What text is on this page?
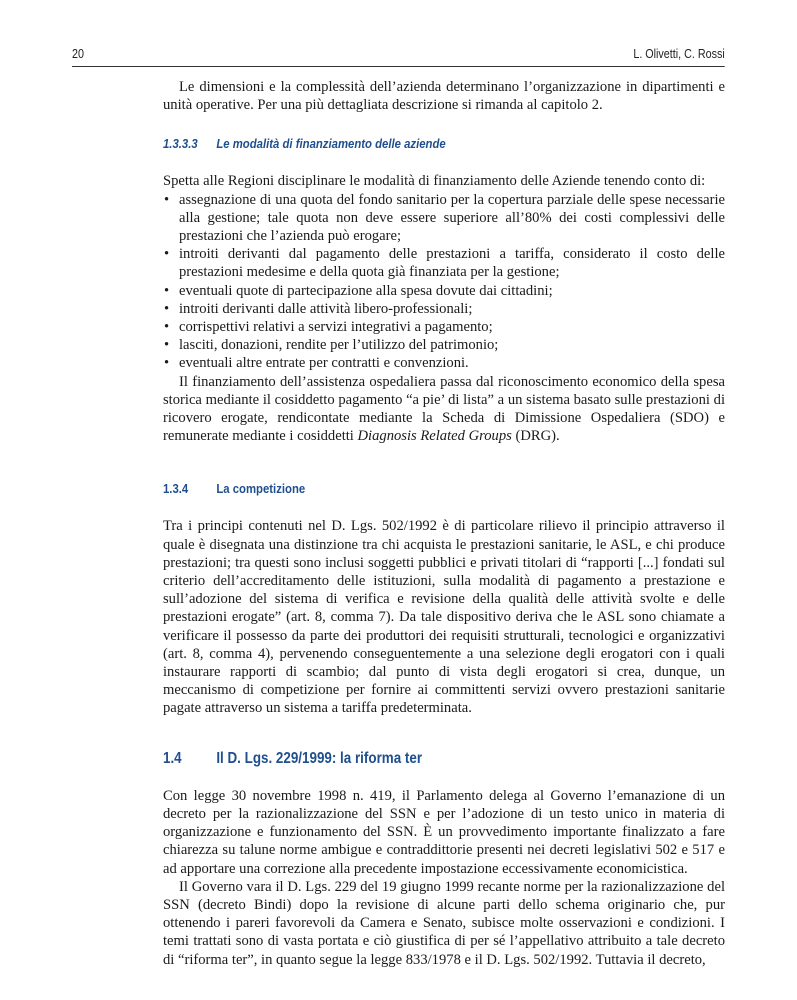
20	L. Olivetti, C. Rossi

Le dimensioni e la complessità dell’azienda determinano l’organizzazione in dipartimenti e unità operative. Per una più dettagliata descrizione si rimanda al capitolo 2.

1.3.3.3 Le modalità di finanziamento delle aziende

Spetta alle Regioni disciplinare le modalità di finanziamento delle Aziende tenendo conto di:

• assegnazione di una quota del fondo sanitario per la copertura parziale delle spese necessarie alla gestione; tale quota non deve essere superiore all’80% dei costi complessivi delle prestazioni che l’azienda può erogare;
• introiti derivanti dal pagamento delle prestazioni a tariffa, considerato il costo delle prestazioni medesime e della quota già finanziata per la gestione;
• eventuali quote di partecipazione alla spesa dovute dai cittadini;
• introiti derivanti dalle attività libero-professionali;
• corrispettivi relativi a servizi integrativi a pagamento;
• lasciti, donazioni, rendite per l’utilizzo del patrimonio;
• eventuali altre entrate per contratti e convenzioni.

Il finanziamento dell’assistenza ospedaliera passa dal riconoscimento economico della spesa storica mediante il cosiddetto pagamento “a pie’ di lista” a un sistema basato sulle prestazioni di ricovero erogate, rendicontate mediante la Scheda di Dimissione Ospedaliera (SDO) e remunerate mediante i cosiddetti Diagnosis Related Groups (DRG).

1.3.4 La competizione

Tra i principi contenuti nel D. Lgs. 502/1992 è di particolare rilievo il principio attraverso il quale è disegnata una distinzione tra chi acquista le prestazioni sanitarie, le ASL, e chi produce prestazioni; tra questi sono inclusi soggetti pubblici e privati titolari di “rapporti [...] fondati sul criterio dell’accreditamento delle istituzioni, sulla modalità di pagamento a prestazione e sull’adozione del sistema di verifica e revisione della qualità delle attività svolte e delle prestazioni erogate” (art. 8, comma 7). Da tale dispositivo deriva che le ASL sono chiamate a verificare il possesso da parte dei produttori dei requisiti strutturali, tecnologici e organizzativi (art. 8, comma 4), pervenendo conseguentemente a una selezione degli erogatori con i quali instaurare rapporti di scambio; dal punto di vista degli erogatori si crea, dunque, un meccanismo di competizione per fornire ai committenti servizi ovvero prestazioni sanitarie pagate attraverso un sistema a tariffa predeterminata.

1.4 Il D. Lgs. 229/1999: la riforma ter

Con legge 30 novembre 1998 n. 419, il Parlamento delega al Governo l’emanazione di un decreto per la razionalizzazione del SSN e per l’adozione di un testo unico in materia di organizzazione e funzionamento del SSN. È un provvedimento importante finalizzato a fare chiarezza su talune norme ambigue e contraddittorie presenti nei decreti legislativi 502 e 517 e ad apportare una correzione alla precedente impostazione eccessivamente economicistica.

Il Governo vara il D. Lgs. 229 del 19 giugno 1999 recante norme per la razionalizzazione del SSN (decreto Bindi) dopo la revisione di alcune parti dello schema originario che, pur ottenendo i pareri favorevoli da Camera e Senato, subisce molte osservazioni e condizioni. I temi trattati sono di vasta portata e ciò giustifica di per sé l’appellativo attribuito a tale decreto di “riforma ter”, in quanto segue la legge 833/1978 e il D. Lgs. 502/1992. Tuttavia il decreto,
